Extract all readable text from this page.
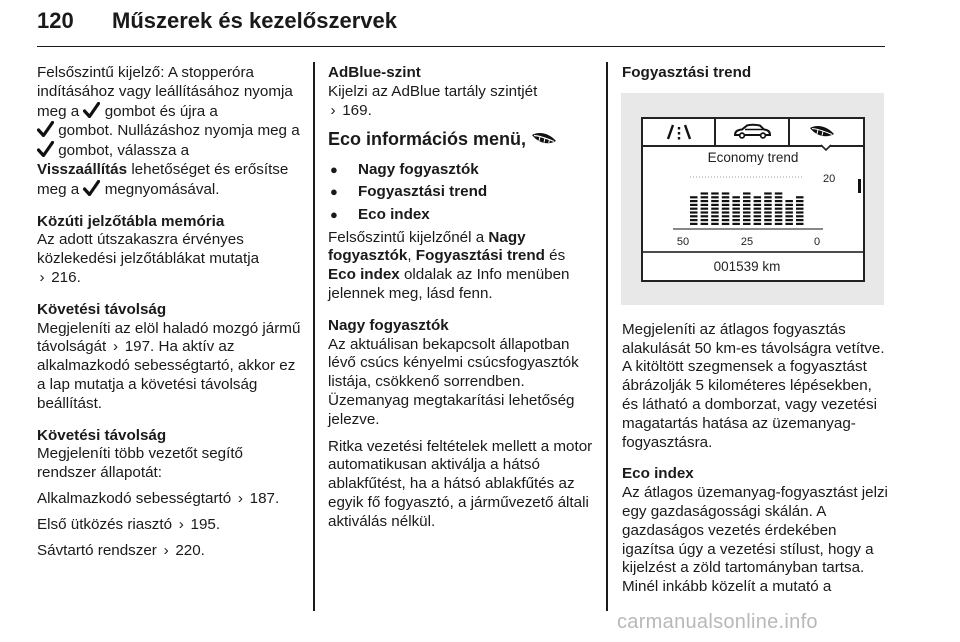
120 Műszerek és kezelőszervek

Felsőszintű kijelző: A stopperóra indításához vagy leállításához nyomja meg a gombot és újra a
gombot. Nullázáshoz nyomja meg a  gombot, válassza a
Visszaállítás lehetőséget és erősítse meg a megnyomásával.

Közúti jelzőtábla memória
Az adott útszakaszra érvényes közlekedési jelzőtáblákat mutatja
› 216.

Követési távolság
Megjeleníti az elöl haladó mozgó jármű távolságát › 197. Ha aktív az alkalmazkodó sebességtartó, akkor ez a lap mutatja a követési távolság beállítást.

Követési távolság
Megjeleníti több vezetőt segítő rendszer állapotát:

Alkalmazkodó sebességtartó › 187.

Első ütközés riasztó › 195.

Sávtartó rendszer › 220.

AdBlue-szint
Kijelzi az AdBlue tartály szintjét
› 169.

Eco információs menü,
● Nagy fogyasztók
● Fogyasztási trend
● Eco index

Felsőszintű kijelzőnél a Nagy fogyasztók, Fogyasztási trend és Eco index oldalak az Info menüben jelennek meg, lásd fenn.

Nagy fogyasztók
Az aktuálisan bekapcsolt állapotban lévő csúcs kényelmi csúcsfogyasztók listája, csökkenő sorrendben. Üzemanyag megtakarítási lehetőség jelezve.

Ritka vezetési feltételek mellett a motor automatikusan aktiválja a hátsó ablakfűtést, ha a hátsó ablakfűtés az egyik fő fogyasztó, a járművezető általi aktiválás nélkül.

Fogyasztási trend
Economy trend
20
50	25	0
001539 km

Megjeleníti az átlagos fogyasztás alakulását 50 km-es távolságra vetítve. A kitöltött szegmensek a fogyasztást ábrázolják 5 kilométeres lépésekben, és látható a domborzat, vagy vezetési magatartás hatása az üzemanyag-fogyasztásra.

Eco index
Az átlagos üzemanyag-fogyasztást jelzi egy gazdaságossági skálán. A gazdaságos vezetés érdekében igazítsa úgy a vezetési stílust, hogy a kijelzést a zöld tartományban tartsa. Minél inkább közelít a mutató a

carmanualsonline.info
